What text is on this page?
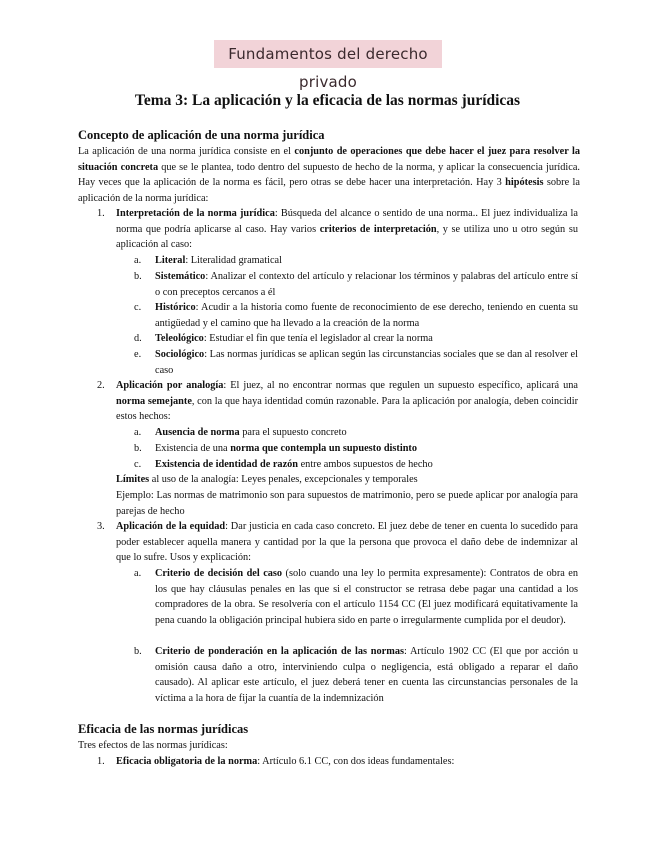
Fundamentos del derecho privado
Tema 3: La aplicación y la eficacia de las normas jurídicas
Concepto de aplicación de una norma jurídica
La aplicación de una norma jurídica consiste en el conjunto de operaciones que debe hacer el juez para resolver la situación concreta que se le plantea, todo dentro del supuesto de hecho de la norma, y aplicar la consecuencia jurídica. Hay veces que la aplicación de la norma es fácil, pero otras se debe hacer una interpretación. Hay 3 hipótesis sobre la aplicación de la norma jurídica:
1. Interpretación de la norma jurídica: Búsqueda del alcance o sentido de una norma.. El juez individualiza la norma que podría aplicarse al caso. Hay varios criterios de interpretación, y se utiliza uno u otro según su aplicación al caso:
a. Literal: Literalidad gramatical
b. Sistemático: Analizar el contexto del artículo y relacionar los términos y palabras del artículo entre sí o con preceptos cercanos a él
c. Histórico: Acudir a la historia como fuente de reconocimiento de ese derecho, teniendo en cuenta su antigüedad y el camino que ha llevado a la creación de la norma
d. Teleológico: Estudiar el fin que tenía el legislador al crear la norma
e. Sociológico: Las normas jurídicas se aplican según las circunstancias sociales que se dan al resolver el caso
2. Aplicación por analogía: El juez, al no encontrar normas que regulen un supuesto específico, aplicará una norma semejante, con la que haya identidad común razonable. Para la aplicación por analogía, deben coincidir estos hechos:
a. Ausencia de norma para el supuesto concreto
b. Existencia de una norma que contempla un supuesto distinto
c. Existencia de identidad de razón entre ambos supuestos de hecho
Límites al uso de la analogía: Leyes penales, excepcionales y temporales
Ejemplo: Las normas de matrimonio son para supuestos de matrimonio, pero se puede aplicar por analogía para parejas de hecho
3. Aplicación de la equidad: Dar justicia en cada caso concreto. El juez debe de tener en cuenta lo sucedido para poder establecer aquella manera y cantidad por la que la persona que provoca el daño debe de indemnizar al que lo sufre. Usos y explicación:
a. Criterio de decisión del caso (solo cuando una ley lo permita expresamente): Contratos de obra en los que hay cláusulas penales en las que si el constructor se retrasa debe pagar una cantidad a los compradores de la obra. Se resolvería con el artículo 1154 CC (El juez modificará equitativamente la pena cuando la obligación principal hubiera sido en parte o irregularmente cumplida por el deudor).
b. Criterio de ponderación en la aplicación de las normas: Artículo 1902 CC (El que por acción u omisión causa daño a otro, interviniendo culpa o negligencia, está obligado a reparar el daño causado). Al aplicar este artículo, el juez deberá tener en cuenta las circunstancias personales de la víctima a la hora de fijar la cuantía de la indemnización
Eficacia de las normas jurídicas
Tres efectos de las normas jurídicas:
1. Eficacia obligatoria de la norma: Artículo 6.1 CC, con dos ideas fundamentales:
